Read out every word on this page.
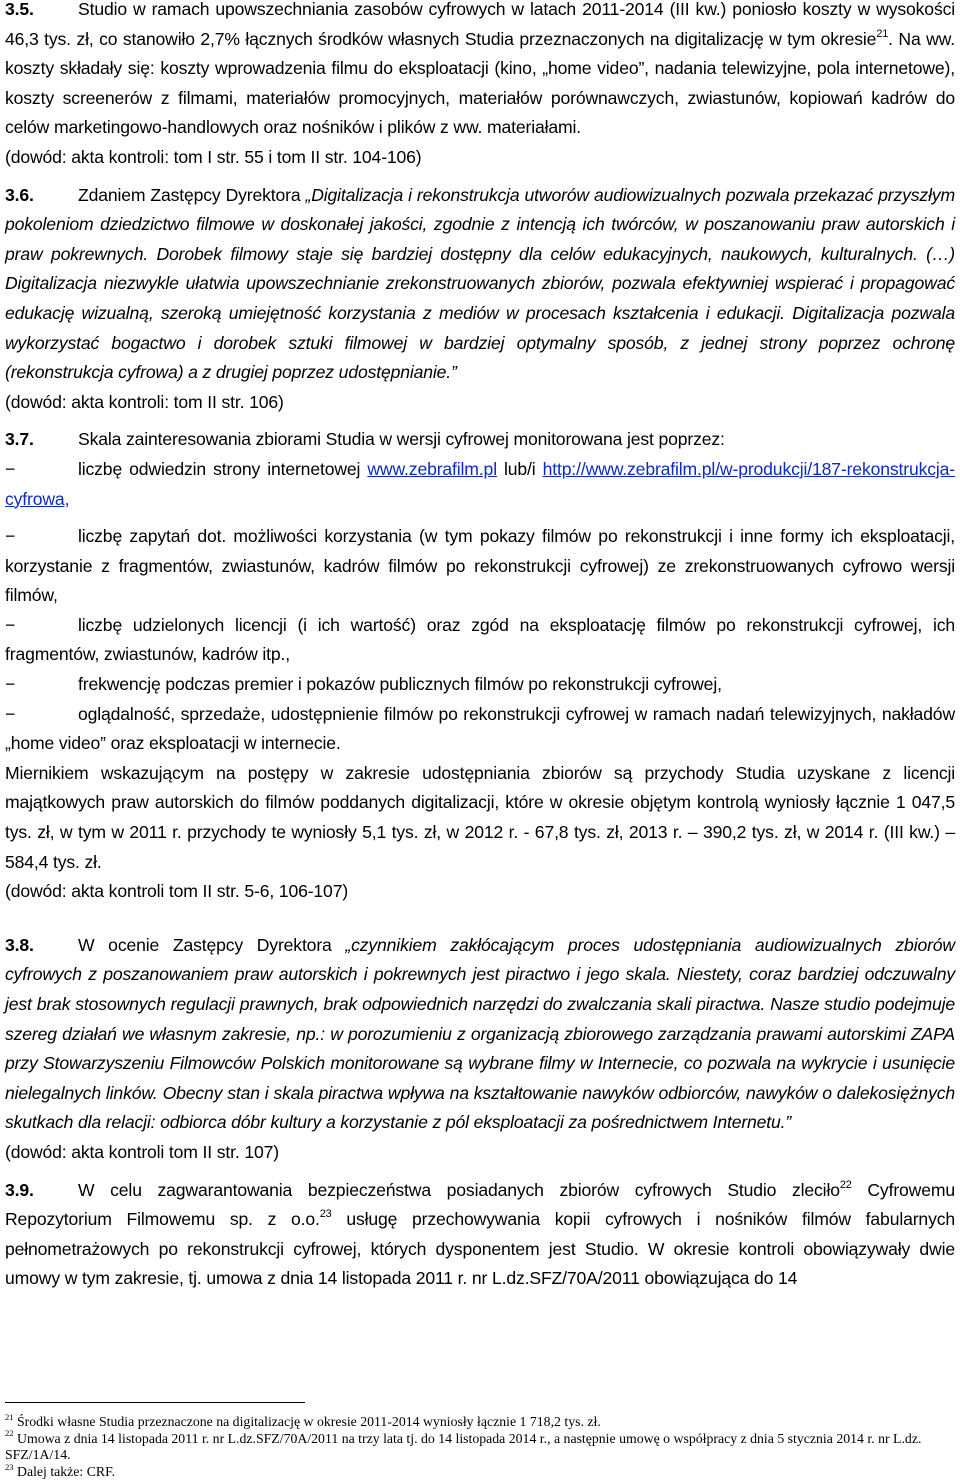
3.5.	Studio w ramach upowszechniania zasobów cyfrowych w latach 2011-2014 (III kw.) poniosło koszty w wysokości 46,3 tys. zł, co stanowiło 2,7% łącznych środków własnych Studia przeznaczonych na digitalizację w tym okresie$^{21}$. Na ww. koszty składały się: koszty wprowadzenia filmu do eksploatacji (kino, „home video”, nadania telewizyjne, pola internetowe), koszty screenerów z filmami, materiałów promocyjnych, materiałów porównawczych, zwiastunów, kopiowań kadrów do celów marketingowo-handlowych oraz nośników i plików z ww. materiałami.

(dowód: akta kontroli: tom I str. 55 i tom II str. 104-106)

3.6.	Zdaniem Zastępcy Dyrektora „Digitalizacja i rekonstrukcja utworów audiowizualnych pozwala przekazać przyszłym pokoleniom dziedzictwo filmowe w doskonałej jakości, zgodnie z intencją ich twórców, w poszanowaniu praw autorskich i praw pokrewnych. Dorobek filmowy staje się bardziej dostępny dla celów edukacyjnych, naukowych, kulturalnych. (…) Digitalizacja niezwykle ułatwia upowszechnianie zrekonstruowanych zbiorów, pozwala efektywniej wspierać i propagować edukację wizualną, szeroką umiejętność korzystania z mediów w procesach kształcenia i edukacji. Digitalizacja pozwala wykorzystać bogactwo i dorobek sztuki filmowej w bardziej optymalny sposób, z jednej strony poprzez ochronę (rekonstrukcja cyfrowa) a z drugiej poprzez udostępnianie.”

(dowód: akta kontroli: tom II str. 106)

3.7.	Skala zainteresowania zbiorami Studia w wersji cyfrowej monitorowana jest poprzez:

−	liczbę odwiedzin strony internetowej www.zebrafilm.pl lub/i http://www.zebrafilm.pl/w-produkcji/187-rekonstrukcja-cyfrowa,

−	liczbę zapytań dot. możliwości korzystania (w tym pokazy filmów po rekonstrukcji i inne formy ich eksploatacji, korzystanie z fragmentów, zwiastunów, kadrów filmów po rekonstrukcji cyfrowej) ze zrekonstruowanych cyfrowo wersji filmów,

−	liczbę udzielonych licencji (i ich wartość) oraz zgód na eksploatację filmów po rekonstrukcji cyfrowej, ich fragmentów, zwiastunów, kadrów itp.,

−	frekwencję podczas premier i pokazów publicznych filmów po rekonstrukcji cyfrowej,

−	oglądalność, sprzedaże, udostępnienie filmów po rekonstrukcji cyfrowej w ramach nadań telewizyjnych, nakładów „home video” oraz eksploatacji w internecie.

Miernikiem wskazującym na postępy w zakresie udostępniania zbiorów są przychody Studia uzyskane z licencji majątkowych praw autorskich do filmów poddanych digitalizacji, które w okresie objętym kontrolą wyniosły łącznie 1 047,5 tys. zł, w tym w 2011 r. przychody te wyniosły 5,1 tys. zł, w 2012 r. - 67,8 tys. zł, 2013 r. – 390,2 tys. zł, w 2014 r. (III kw.) – 584,4 tys. zł.

(dowód: akta kontroli tom II str. 5-6, 106-107)

3.8.	W ocenie Zastępcy Dyrektora „czynnikiem zakłócającym proces udostępniania audiowizualnych zbiorów cyfrowych z poszanowaniem praw autorskich i pokrewnych jest piractwo i jego skala. Niestety, coraz bardziej odczuwalny jest brak stosownych regulacji prawnych, brak odpowiednich narzędzi do zwalczania skali piractwa. Nasze studio podejmuje szereg działań we własnym zakresie, np.: w porozumieniu z organizacją zbiorowego zarządzania prawami autorskimi ZAPA przy Stowarzyszeniu Filmowców Polskich monitorowane są wybrane filmy w Internecie, co pozwala na wykrycie i usunięcie nielegalnych linków. Obecny stan i skala piractwa wpływa na kształtowanie nawyków odbiorców, nawyków o dalekosiężnych skutkach dla relacji: odbiorca dóbr kultury a korzystanie z pól eksploatacji za pośrednictwem Internetu.”

(dowód: akta kontroli tom II str. 107)

3.9.	W celu zagwarantowania bezpieczeństwa posiadanych zbiorów cyfrowych Studio zleciło$^{22}$ Cyfrowemu Repozytorium Filmowemu sp. z o.o.$^{23}$ usługę przechowywania kopii cyfrowych i nośników filmów fabularnych pełnometrażowych po rekonstrukcji cyfrowej, których dysponentem jest Studio. W okresie kontroli obowiązywały dwie umowy w tym zakresie, tj. umowa z dnia 14 listopada 2011 r. nr L.dz.SFZ/70A/2011 obowiązująca do 14

$^{21}$ Środki własne Studia przeznaczone na digitalizację w okresie 2011-2014 wyniosły łącznie 1 718,2 tys. zł.

$^{22}$ Umowa z dnia 14 listopada 2011 r. nr L.dz.SFZ/70A/2011 na trzy lata tj. do 14 listopada 2014 r., a następnie umowę o współpracy z dnia 5 stycznia 2014 r. nr L.dz. SFZ/1A/14.

$^{23}$ Dalej także: CRF.
